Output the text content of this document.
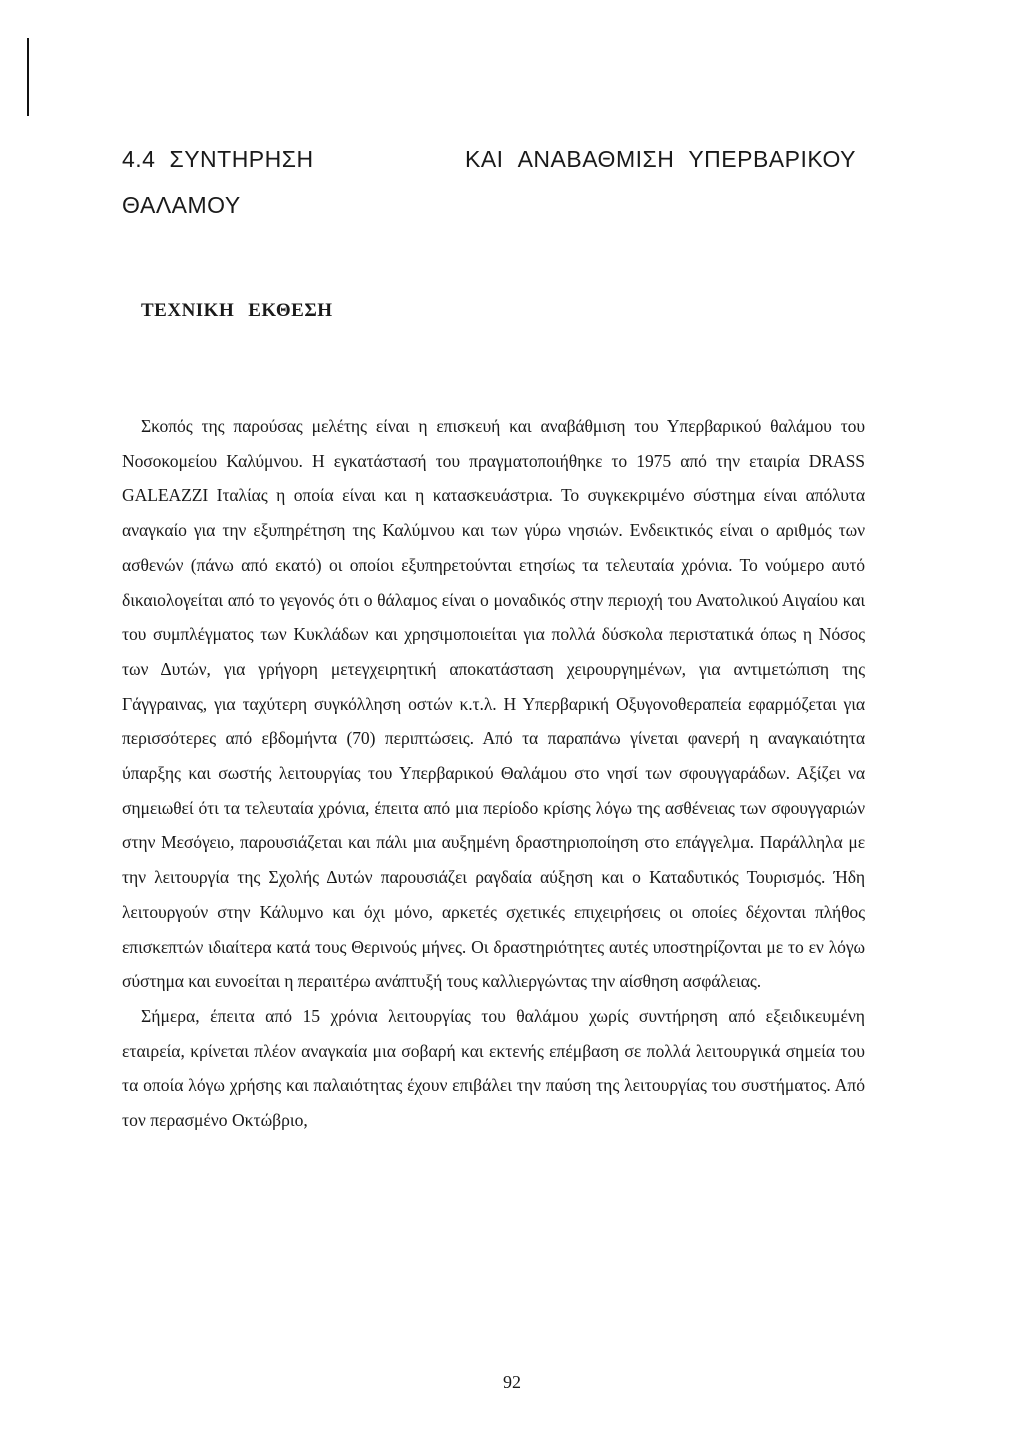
4.4 ΣΥΝΤΗΡΗΣΗ	ΚΑΙ ΑΝΑΒΑΘΜΙΣΗ ΥΠΕΡΒΑΡΙΚΟΥ
ΘΑΛΑΜΟΥ
ΤΕΧΝΙΚΗ ΕΚΘΕΣΗ

Σκοπός της παρούσας μελέτης είναι η επισκευή και αναβάθμιση του Υπερβαρικού θαλάμου του Νοσοκομείου Καλύμνου. Η εγκατάστασή του πραγματοποιήθηκε το 1975 από την εταιρία DRASS GALEAZZI Ιταλίας η οποία είναι και η κατασκευάστρια. Το συγκεκριμένο σύστημα είναι απόλυτα αναγκαίο για την εξυπηρέτηση της Καλύμνου και των γύρω νησιών. Ενδεικτικός είναι ο αριθμός των ασθενών (πάνω από εκατό) οι οποίοι εξυπηρετούνται ετησίως τα τελευταία χρόνια. Το νούμερο αυτό δικαιολογείται από το γεγονός ότι ο θάλαμος είναι ο μοναδικός στην περιοχή του Ανατολικού Αιγαίου και του συμπλέγματος των Κυκλάδων και χρησιμοποιείται για πολλά δύσκολα περιστατικά όπως η Νόσος των Δυτών, για γρήγορη μετεγχειρητική αποκατάσταση χειρουργημένων, για αντιμετώπιση της Γάγγραινας, για ταχύτερη συγκόλληση οστών κ.τ.λ. Η Υπερβαρική Οξυγονοθεραπεία εφαρμόζεται για περισσότερες από εβδομήντα (70) περιπτώσεις. Από τα παραπάνω γίνεται φανερή η αναγκαιότητα ύπαρξης και σωστής λειτουργίας του Υπερβαρικού Θαλάμου στο νησί των σφουγγαράδων. Αξίζει να σημειωθεί ότι τα τελευταία χρόνια, έπειτα από μια περίοδο κρίσης λόγω της ασθένειας των σφουγγαριών στην Μεσόγειο, παρουσιάζεται και πάλι μια αυξημένη δραστηριοποίηση στο επάγγελμα. Παράλληλα με την λειτουργία της Σχολής Δυτών παρουσιάζει ραγδαία αύξηση και ο Καταδυτικός Τουρισμός. Ήδη λειτουργούν στην Κάλυμνο και όχι μόνο, αρκετές σχετικές επιχειρήσεις οι οποίες δέχονται πλήθος επισκεπτών ιδιαίτερα κατά τους Θερινούς μήνες. Οι δραστηριότητες αυτές υποστηρίζονται με το εν λόγω σύστημα και ευνοείται η περαιτέρω ανάπτυξή τους καλλιεργώντας την αίσθηση ασφάλειας.

Σήμερα, έπειτα από 15 χρόνια λειτουργίας του θαλάμου χωρίς συντήρηση από εξειδικευμένη εταιρεία, κρίνεται πλέον αναγκαία μια σοβαρή και εκτενής επέμβαση σε πολλά λειτουργικά σημεία του τα οποία λόγω χρήσης και παλαιότητας έχουν επιβάλει την παύση της λειτουργίας του συστήματος. Από τον περασμένο Οκτώβριο,

92
